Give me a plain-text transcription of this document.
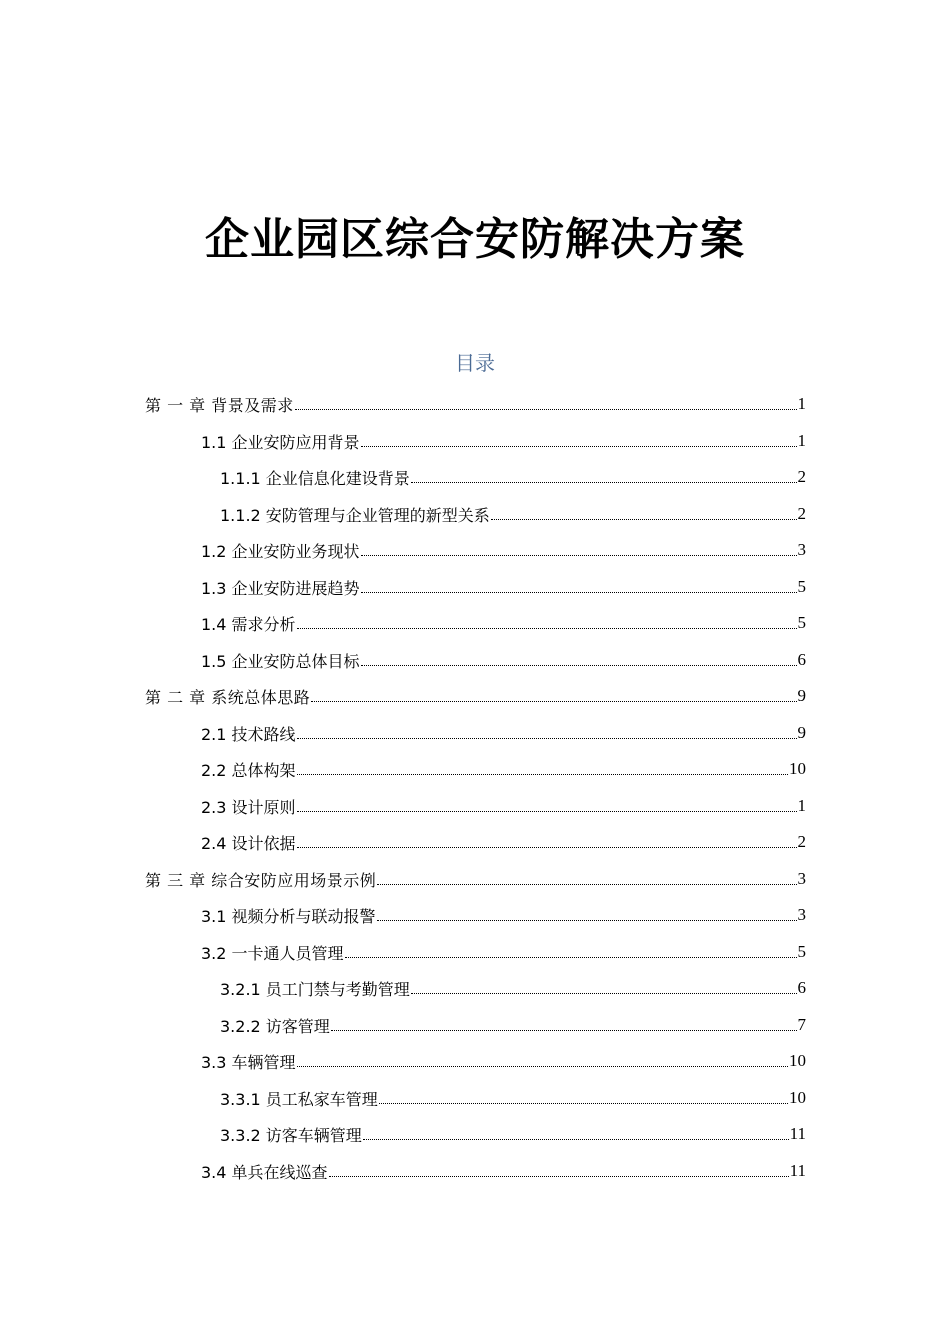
企业园区综合安防解决方案
目录
第 一 章 背景及需求	1
1.1 企业安防应用背景	1
1.1.1 企业信息化建设背景	2
1.1.2 安防管理与企业管理的新型关系	2
1.2 企业安防业务现状	3
1.3 企业安防进展趋势	5
1.4 需求分析	5
1.5 企业安防总体目标	6
第 二 章 系统总体思路	9
2.1 技术路线	9
2.2 总体构架	10
2.3 设计原则	1
2.4 设计依据	2
第 三 章 综合安防应用场景示例	3
3.1 视频分析与联动报警	3
3.2 一卡通人员管理	5
3.2.1 员工门禁与考勤管理	6
3.2.2 访客管理	7
3.3 车辆管理	10
3.3.1 员工私家车管理	10
3.3.2 访客车辆管理	11
3.4 单兵在线巡查	11
